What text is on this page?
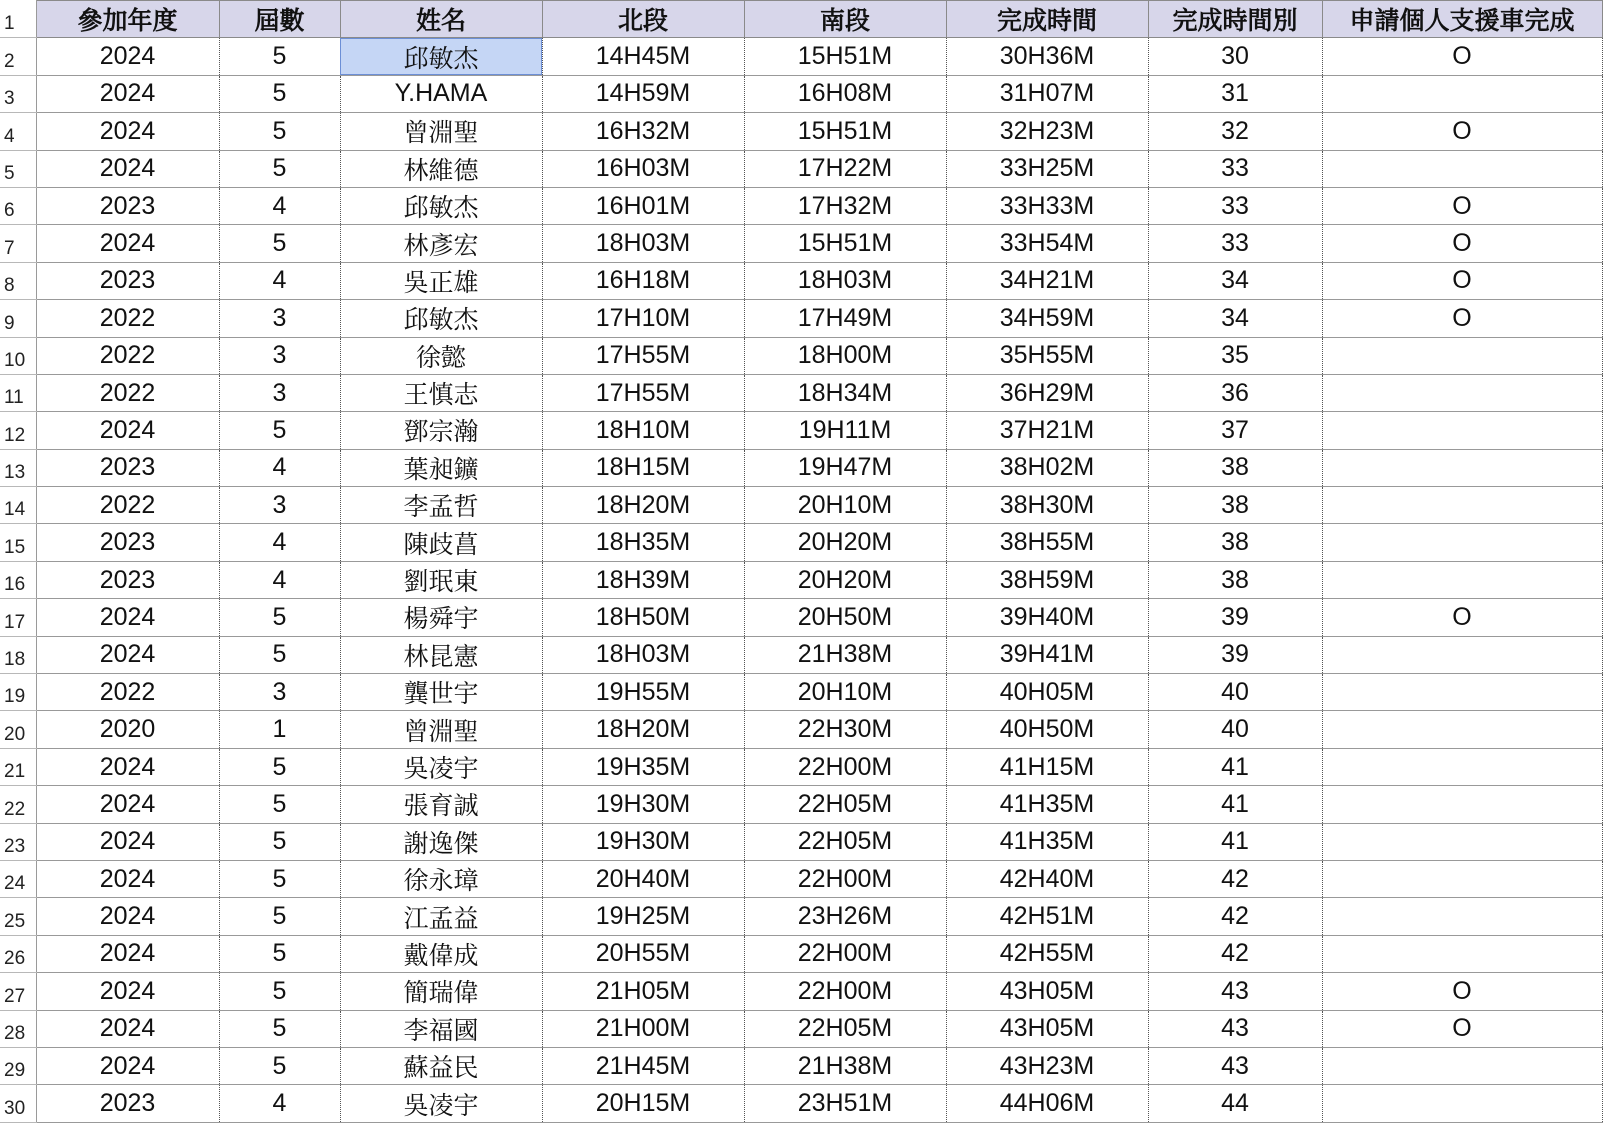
1	參加年度	屆數	姓名	北段	南段	完成時間	完成時間別	申請個人支援車完成
2	2024	5	邱敏杰	14H45M	15H51M	30H36M	30	O
3	2024	5	Y.HAMA	14H59M	16H08M	31H07M	31	
4	2024	5	曾淵聖	16H32M	15H51M	32H23M	32	O
5	2024	5	林維德	16H03M	17H22M	33H25M	33	
6	2023	4	邱敏杰	16H01M	17H32M	33H33M	33	O
7	2024	5	林彥宏	18H03M	15H51M	33H54M	33	O
8	2023	4	吳正雄	16H18M	18H03M	34H21M	34	O
9	2022	3	邱敏杰	17H10M	17H49M	34H59M	34	O
10	2022	3	徐懿	17H55M	18H00M	35H55M	35	
11	2022	3	王慎志	17H55M	18H34M	36H29M	36	
12	2024	5	鄧宗瀚	18H10M	19H11M	37H21M	37	
13	2023	4	葉昶鑛	18H15M	19H47M	38H02M	38	
14	2022	3	李孟哲	18H20M	20H10M	38H30M	38	
15	2023	4	陳歧菖	18H35M	20H20M	38H55M	38	
16	2023	4	劉珉東	18H39M	20H20M	38H59M	38	
17	2024	5	楊舜宇	18H50M	20H50M	39H40M	39	O
18	2024	5	林昆憲	18H03M	21H38M	39H41M	39	
19	2022	3	龔世宇	19H55M	20H10M	40H05M	40	
20	2020	1	曾淵聖	18H20M	22H30M	40H50M	40	
21	2024	5	吳凌宇	19H35M	22H00M	41H15M	41	
22	2024	5	張育誠	19H30M	22H05M	41H35M	41	
23	2024	5	謝逸傑	19H30M	22H05M	41H35M	41	
24	2024	5	徐永璋	20H40M	22H00M	42H40M	42	
25	2024	5	江孟益	19H25M	23H26M	42H51M	42	
26	2024	5	戴偉成	20H55M	22H00M	42H55M	42	
27	2024	5	簡瑞偉	21H05M	22H00M	43H05M	43	O
28	2024	5	李福國	21H00M	22H05M	43H05M	43	O
29	2024	5	蘇益民	21H45M	21H38M	43H23M	43	
30	2023	4	吳凌宇	20H15M	23H51M	44H06M	44	
